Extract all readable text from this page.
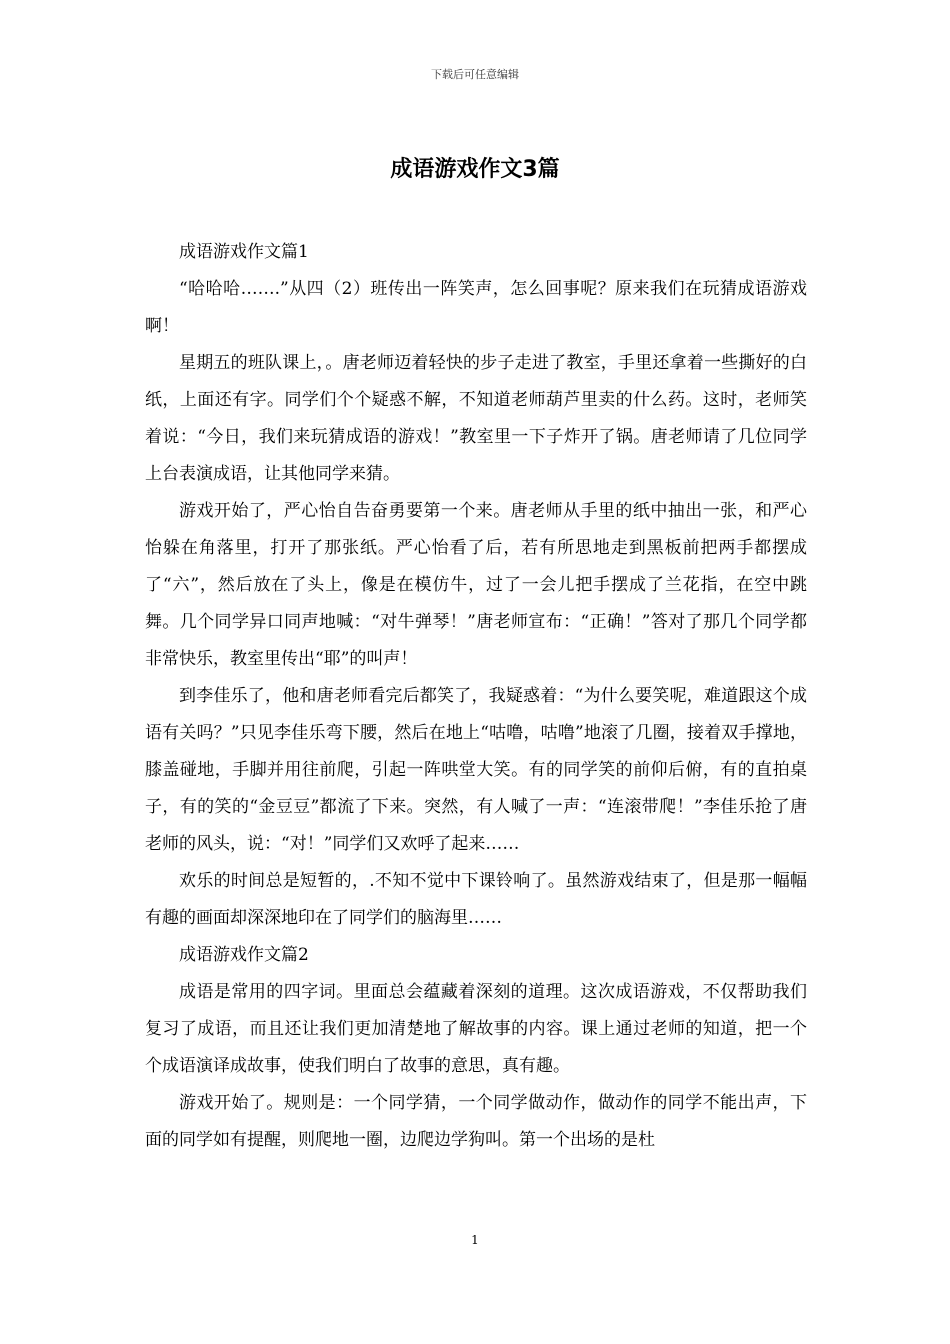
下载后可任意编辑
成语游戏作文3篇

成语游戏作文篇1

“哈哈哈…….”从四（2）班传出一阵笑声，怎么回事呢？原来我们在玩猜成语游戏啊！

星期五的班队课上，。唐老师迈着轻快的步子走进了教室，手里还拿着一些撕好的白纸，上面还有字。同学们个个疑惑不解，不知道老师葫芦里卖的什么药。这时，老师笑着说：“今日，我们来玩猜成语的游戏！”教室里一下子炸开了锅。唐老师请了几位同学上台表演成语，让其他同学来猜。

游戏开始了，严心怡自告奋勇要第一个来。唐老师从手里的纸中抽出一张，和严心怡躲在角落里，打开了那张纸。严心怡看了后，若有所思地走到黑板前把两手都摆成了“六”，然后放在了头上，像是在模仿牛，过了一会儿把手摆成了兰花指，在空中跳舞。几个同学异口同声地喊：“对牛弹琴！”唐老师宣布：“正确！”答对了那几个同学都非常快乐，教室里传出“耶”的叫声！

到李佳乐了，他和唐老师看完后都笑了，我疑惑着：“为什么要笑呢，难道跟这个成语有关吗？”只见李佳乐弯下腰，然后在地上“咕噜，咕噜”地滚了几圈，接着双手撑地，膝盖碰地，手脚并用往前爬，引起一阵哄堂大笑。有的同学笑的前仰后俯，有的直拍桌子，有的笑的“金豆豆”都流了下来。突然，有人喊了一声：“连滚带爬！”李佳乐抢了唐老师的风头，说：“对！”同学们又欢呼了起来……

欢乐的时间总是短暂的，.不知不觉中下课铃响了。虽然游戏结束了，但是那一幅幅有趣的画面却深深地印在了同学们的脑海里……

成语游戏作文篇2

成语是常用的四字词。里面总会蕴藏着深刻的道理。这次成语游戏，不仅帮助我们复习了成语，而且还让我们更加清楚地了解故事的内容。课上通过老师的知道，把一个个成语演译成故事，使我们明白了故事的意思，真有趣。

游戏开始了。规则是：一个同学猜，一个同学做动作，做动作的同学不能出声，下面的同学如有提醒，则爬地一圈，边爬边学狗叫。第一个出场的是杜

1
